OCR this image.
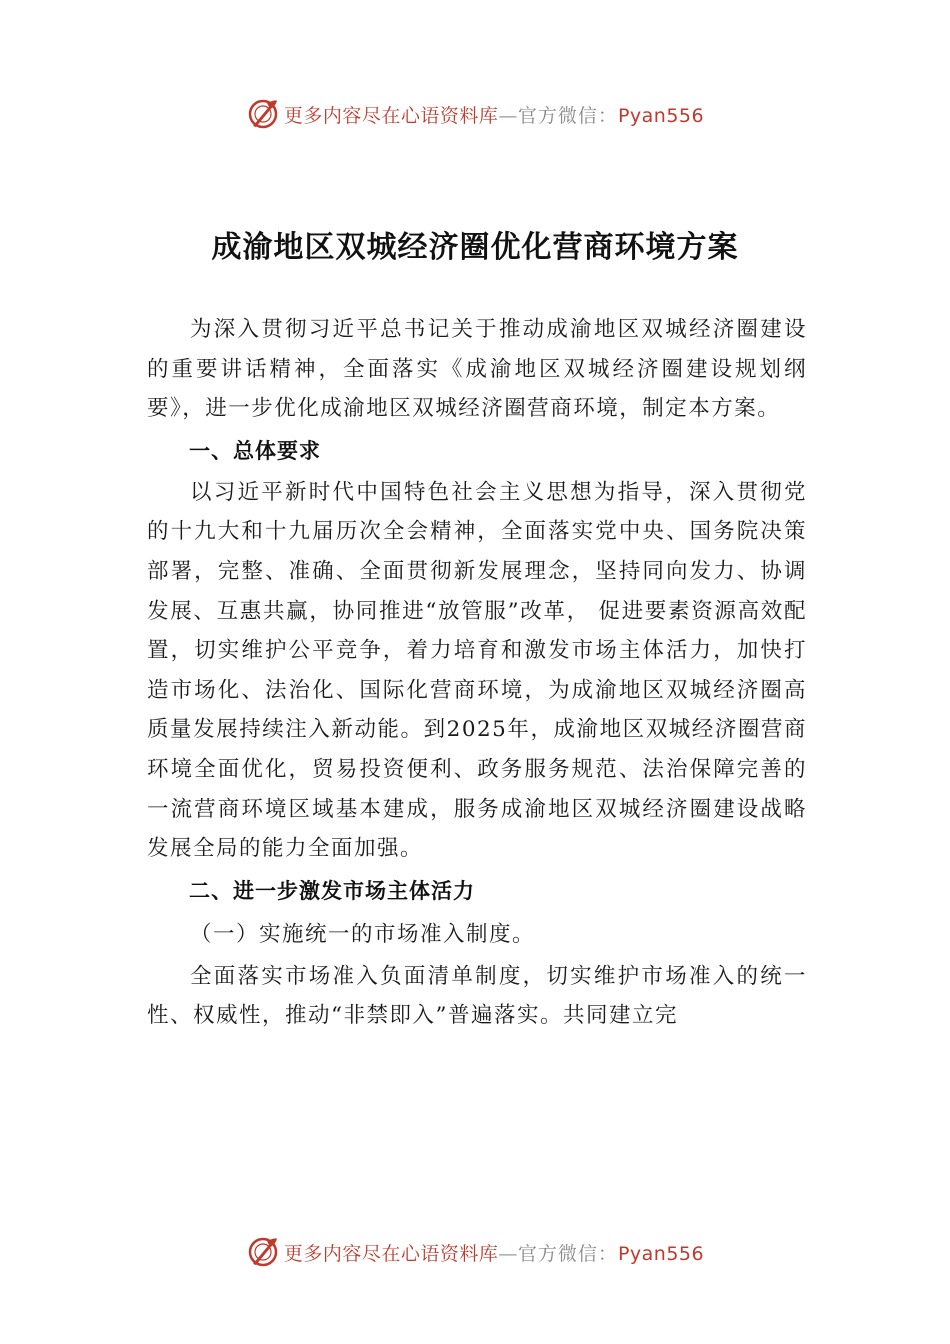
更多内容尽在心语资料库—官方微信：Pyan556
成渝地区双城经济圈优化营商环境方案

为深入贯彻习近平总书记关于推动成渝地区双城经济圈建设的重要讲话精神，全面落实《成渝地区双城经济圈建设规划纲要》，进一步优化成渝地区双城经济圈营商环境，制定本方案。

一、总体要求

以习近平新时代中国特色社会主义思想为指导，深入贯彻党的十九大和十九届历次全会精神，全面落实党中央、国务院决策部署，完整、准确、全面贯彻新发展理念，坚持同向发力、协调发展、互惠共赢，协同推进“放管服”改革， 促进要素资源高效配置，切实维护公平竞争，着力培育和激发市场主体活力，加快打造市场化、法治化、国际化营商环境，为成渝地区双城经济圈高质量发展持续注入新动能。到2025年，成渝地区双城经济圈营商环境全面优化，贸易投资便利、政务服务规范、法治保障完善的一流营商环境区域基本建成，服务成渝地区双城经济圈建设战略发展全局的能力全面加强。

二、进一步激发市场主体活力

（一）实施统一的市场准入制度。

全面落实市场准入负面清单制度，切实维护市场准入的统一性、权威性，推动“非禁即入”普遍落实。共同建立完

更多内容尽在心语资料库—官方微信：Pyan556
